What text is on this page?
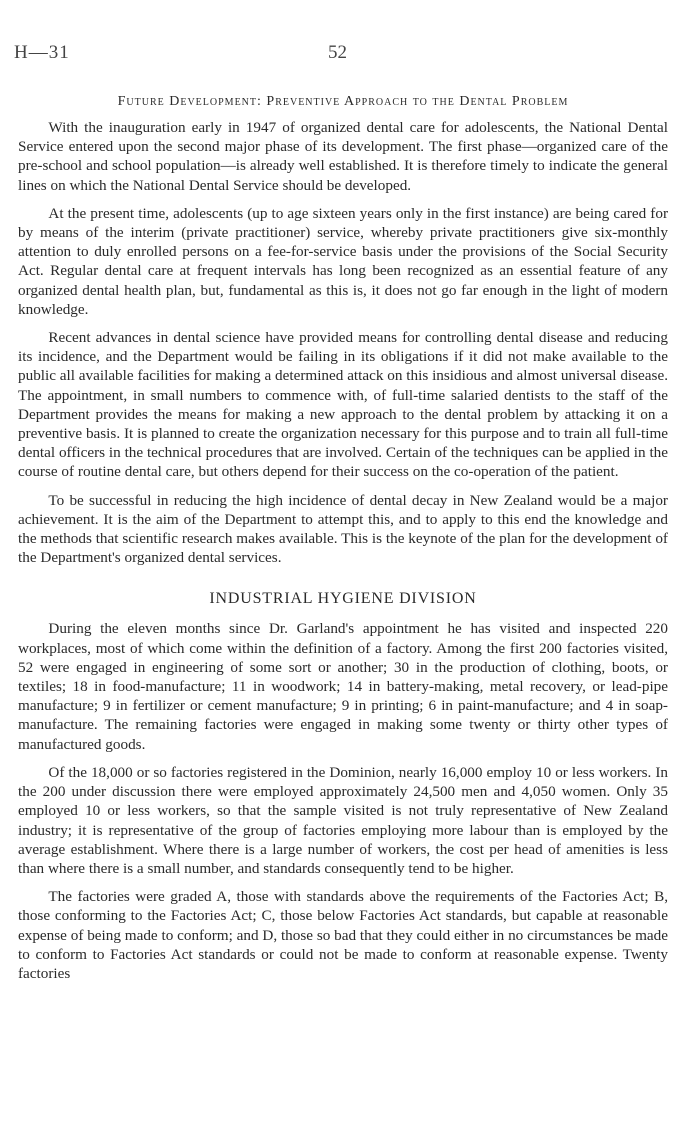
H—31	52
Future Development: Preventive Approach to the Dental Problem

With the inauguration early in 1947 of organized dental care for adolescents, the National Dental Service entered upon the second major phase of its development. The first phase—organized care of the pre-school and school population—is already well established. It is therefore timely to indicate the general lines on which the National Dental Service should be developed.

At the present time, adolescents (up to age sixteen years only in the first instance) are being cared for by means of the interim (private practitioner) service, whereby private practitioners give six-monthly attention to duly enrolled persons on a fee-for-service basis under the provisions of the Social Security Act. Regular dental care at frequent intervals has long been recognized as an essential feature of any organized dental health plan, but, fundamental as this is, it does not go far enough in the light of modern knowledge.

Recent advances in dental science have provided means for controlling dental disease and reducing its incidence, and the Department would be failing in its obligations if it did not make available to the public all available facilities for making a determined attack on this insidious and almost universal disease. The appointment, in small numbers to commence with, of full-time salaried dentists to the staff of the Department provides the means for making a new approach to the dental problem by attacking it on a preventive basis. It is planned to create the organization necessary for this purpose and to train all full-time dental officers in the technical procedures that are involved. Certain of the techniques can be applied in the course of routine dental care, but others depend for their success on the co-operation of the patient.

To be successful in reducing the high incidence of dental decay in New Zealand would be a major achievement. It is the aim of the Department to attempt this, and to apply to this end the knowledge and the methods that scientific research makes available. This is the keynote of the plan for the development of the Department's organized dental services.

INDUSTRIAL HYGIENE DIVISION

During the eleven months since Dr. Garland's appointment he has visited and inspected 220 workplaces, most of which come within the definition of a factory. Among the first 200 factories visited, 52 were engaged in engineering of some sort or another; 30 in the production of clothing, boots, or textiles; 18 in food-manufacture; 11 in woodwork; 14 in battery-making, metal recovery, or lead-pipe manufacture; 9 in fertilizer or cement manufacture; 9 in printing; 6 in paint-manufacture; and 4 in soap-manufacture. The remaining factories were engaged in making some twenty or thirty other types of manufactured goods.

Of the 18,000 or so factories registered in the Dominion, nearly 16,000 employ 10 or less workers. In the 200 under discussion there were employed approximately 24,500 men and 4,050 women. Only 35 employed 10 or less workers, so that the sample visited is not truly representative of New Zealand industry; it is representative of the group of factories employing more labour than is employed by the average establishment. Where there is a large number of workers, the cost per head of amenities is less than where there is a small number, and standards consequently tend to be higher.

The factories were graded A, those with standards above the requirements of the Factories Act; B, those conforming to the Factories Act; C, those below Factories Act standards, but capable at reasonable expense of being made to conform; and D, those so bad that they could either in no circumstances be made to conform to Factories Act standards or could not be made to conform at reasonable expense. Twenty factories
